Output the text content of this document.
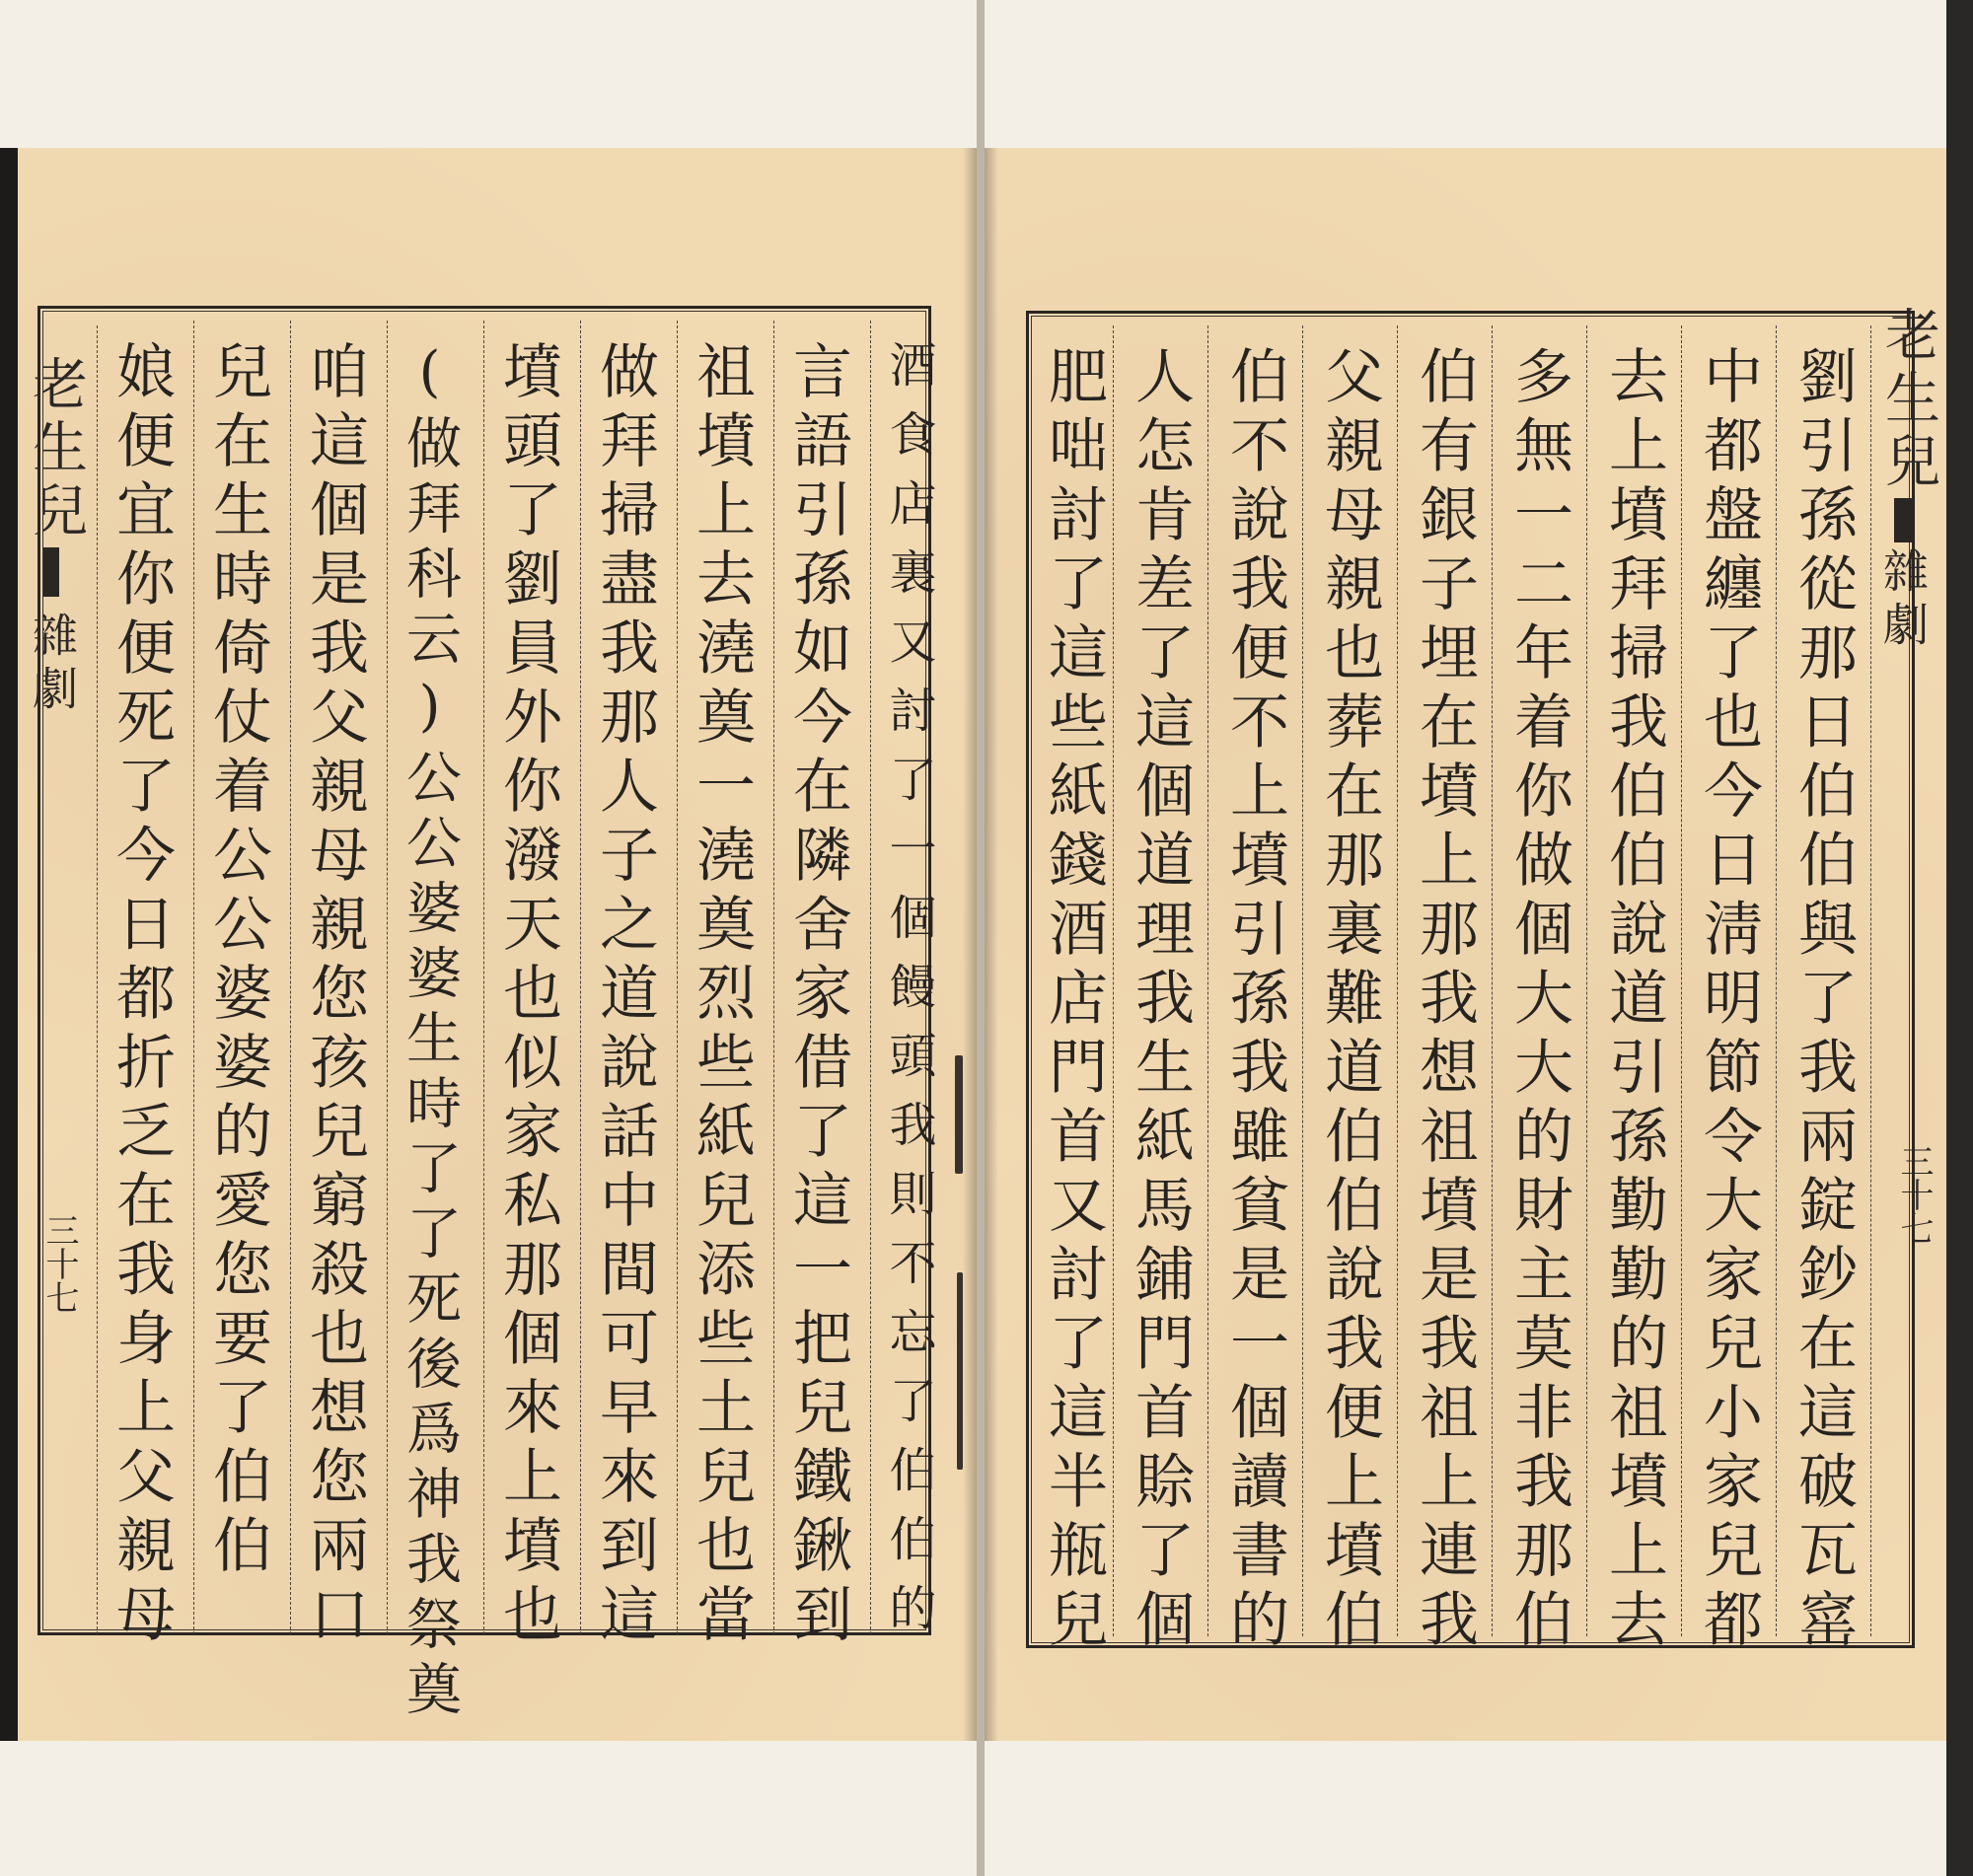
老生兒
雜劇
三十七 娘便宜你便死了今日都折乏在我身上父親母 兒在生時倚仗着公公婆婆的愛您要了伯伯 咱這個是我父親母親您孩兒窮殺也想您兩口 (做拜科云)公公婆婆生時了了死後爲神我祭奠 墳頭了劉員外你潑天也似家私那個來上墳也 做拜掃盡我那人子之道說話中間可早來到這 祖墳上去澆奠一澆奠烈些紙兒添些土兒也當 言語引孫如今在隣舍家借了這一把兒鐵鍬到 酒食店裏又討了一個饅頭我則不忘了伯伯的 肥咄討了這些紙錢酒店門首又討了這半瓶兒 人怎肯差了這個道理我生紙馬鋪門首賒了個 伯不說我便不上墳引孫我雖貧是一個讀書的 父親母親也葬在那裏難道伯伯說我便上墳伯 伯有銀子埋在墳上那我想祖墳是我祖上連我 多無一二年着你做個大大的財主莫非我那伯 去上墳拜掃我伯伯說道引孫勤勤的祖墳上去 中都盤纏了也今日淸明節令大家兒小家兒都 劉引孫從那日伯伯與了我兩錠鈔在這破瓦窰 老生兒
雜劇
三十七
